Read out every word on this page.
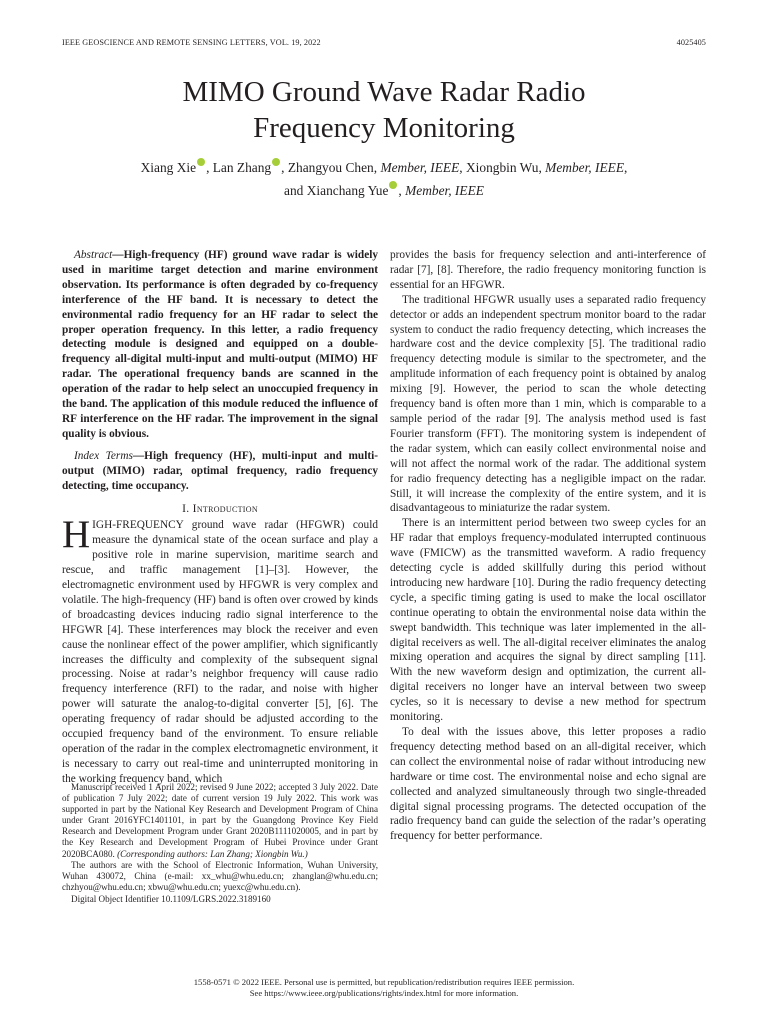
IEEE GEOSCIENCE AND REMOTE SENSING LETTERS, VOL. 19, 2022	4025405
MIMO Ground Wave Radar Radio
Frequency Monitoring
Xiang Xie , Lan Zhang , Zhangyou Chen, Member, IEEE, Xiongbin Wu, Member, IEEE,
and Xianchang Yue , Member, IEEE
Abstract—High-frequency (HF) ground wave radar is widely used in maritime target detection and marine environment observation. Its performance is often degraded by co-frequency interference of the HF band. It is necessary to detect the environmental radio frequency for an HF radar to select the proper operation frequency. In this letter, a radio frequency detecting module is designed and equipped on a double-frequency all-digital multi-input and multi-output (MIMO) HF radar. The operational frequency bands are scanned in the operation of the radar to help select an unoccupied frequency in the band. The application of this module reduced the influence of RF interference on the HF radar. The improvement in the signal quality is obvious.
Index Terms—High frequency (HF), multi-input and multi-output (MIMO) radar, optimal frequency, radio frequency detecting, time occupancy.
I. Introduction

HIGH-FREQUENCY ground wave radar (HFGWR) could measure the dynamical state of the ocean surface and play a positive role in marine supervision, maritime search and rescue, and traffic management [1]–[3]. However, the electromagnetic environment used by HFGWR is very complex and volatile. The high-frequency (HF) band is often over crowed by kinds of broadcasting devices inducing radio signal interference to the HFGWR [4]. These interferences may block the receiver and even cause the nonlinear effect of the power amplifier, which significantly increases the difficulty and complexity of the subsequent signal processing. Noise at radar’s neighbor frequency will cause radio frequency interference (RFI) to the radar, and noise with higher power will saturate the analog-to-digital converter [5], [6]. The operating frequency of radar should be adjusted according to the occupied frequency band of the environment. To ensure reliable operation of the radar in the complex electromagnetic environment, it is necessary to carry out real-time and uninterrupted monitoring in the working frequency band, which

Manuscript received 1 April 2022; revised 9 June 2022; accepted 3 July 2022. Date of publication 7 July 2022; date of current version 19 July 2022. This work was supported in part by the National Key Research and Development Program of China under Grant 2016YFC1401101, in part by the Guangdong Province Key Field Research and Development Program under Grant 2020B1111020005, and in part by the Key Research and Development Program of Hubei Province under Grant 2020BCA080. (Corresponding authors: Lan Zhang; Xiongbin Wu.)

The authors are with the School of Electronic Information, Wuhan University, Wuhan 430072, China (e-mail: xx_whu@whu.edu.cn; zhanglan@whu.edu.cn; chzhyou@whu.edu.cn; xbwu@whu.edu.cn; yuexc@whu.edu.cn).

Digital Object Identifier 10.1109/LGRS.2022.3189160

provides the basis for frequency selection and anti-interference of radar [7], [8]. Therefore, the radio frequency monitoring function is essential for an HFGWR.

The traditional HFGWR usually uses a separated radio frequency detector or adds an independent spectrum monitor board to the radar system to conduct the radio frequency detecting, which increases the hardware cost and the device complexity [5]. The traditional radio frequency detecting module is similar to the spectrometer, and the amplitude information of each frequency point is obtained by analog mixing [9]. However, the period to scan the whole detecting frequency band is often more than 1 min, which is comparable to a sample period of the radar [9]. The analysis method used is fast Fourier transform (FFT). The monitoring system is independent of the radar system, which can easily collect environmental noise and will not affect the normal work of the radar. The additional system for radio frequency detecting has a negligible impact on the radar. Still, it will increase the complexity of the entire system, and it is disadvantageous to miniaturize the radar system.

There is an intermittent period between two sweep cycles for an HF radar that employs frequency-modulated interrupted continuous wave (FMICW) as the transmitted waveform. A radio frequency detecting cycle is added skillfully during this period without introducing new hardware [10]. During the radio frequency detecting cycle, a specific timing gating is used to make the local oscillator continue operating to obtain the environmental noise data within the swept bandwidth. This technique was later implemented in the all-digital receivers as well. The all-digital receiver eliminates the analog mixing operation and acquires the signal by direct sampling [11]. With the new waveform design and optimization, the current all-digital receivers no longer have an interval between two sweep cycles, so it is necessary to devise a new method for spectrum monitoring.

To deal with the issues above, this letter proposes a radio frequency detecting method based on an all-digital receiver, which can collect the environmental noise of radar without introducing new hardware or time cost. The environmental noise and echo signal are collected and analyzed simultaneously through two single-threaded digital signal processing programs. The detected occupation of the radio frequency band can guide the selection of the radar’s operating frequency for better performance.

1558-0571 © 2022 IEEE. Personal use is permitted, but republication/redistribution requires IEEE permission.
See https://www.ieee.org/publications/rights/index.html for more information.
